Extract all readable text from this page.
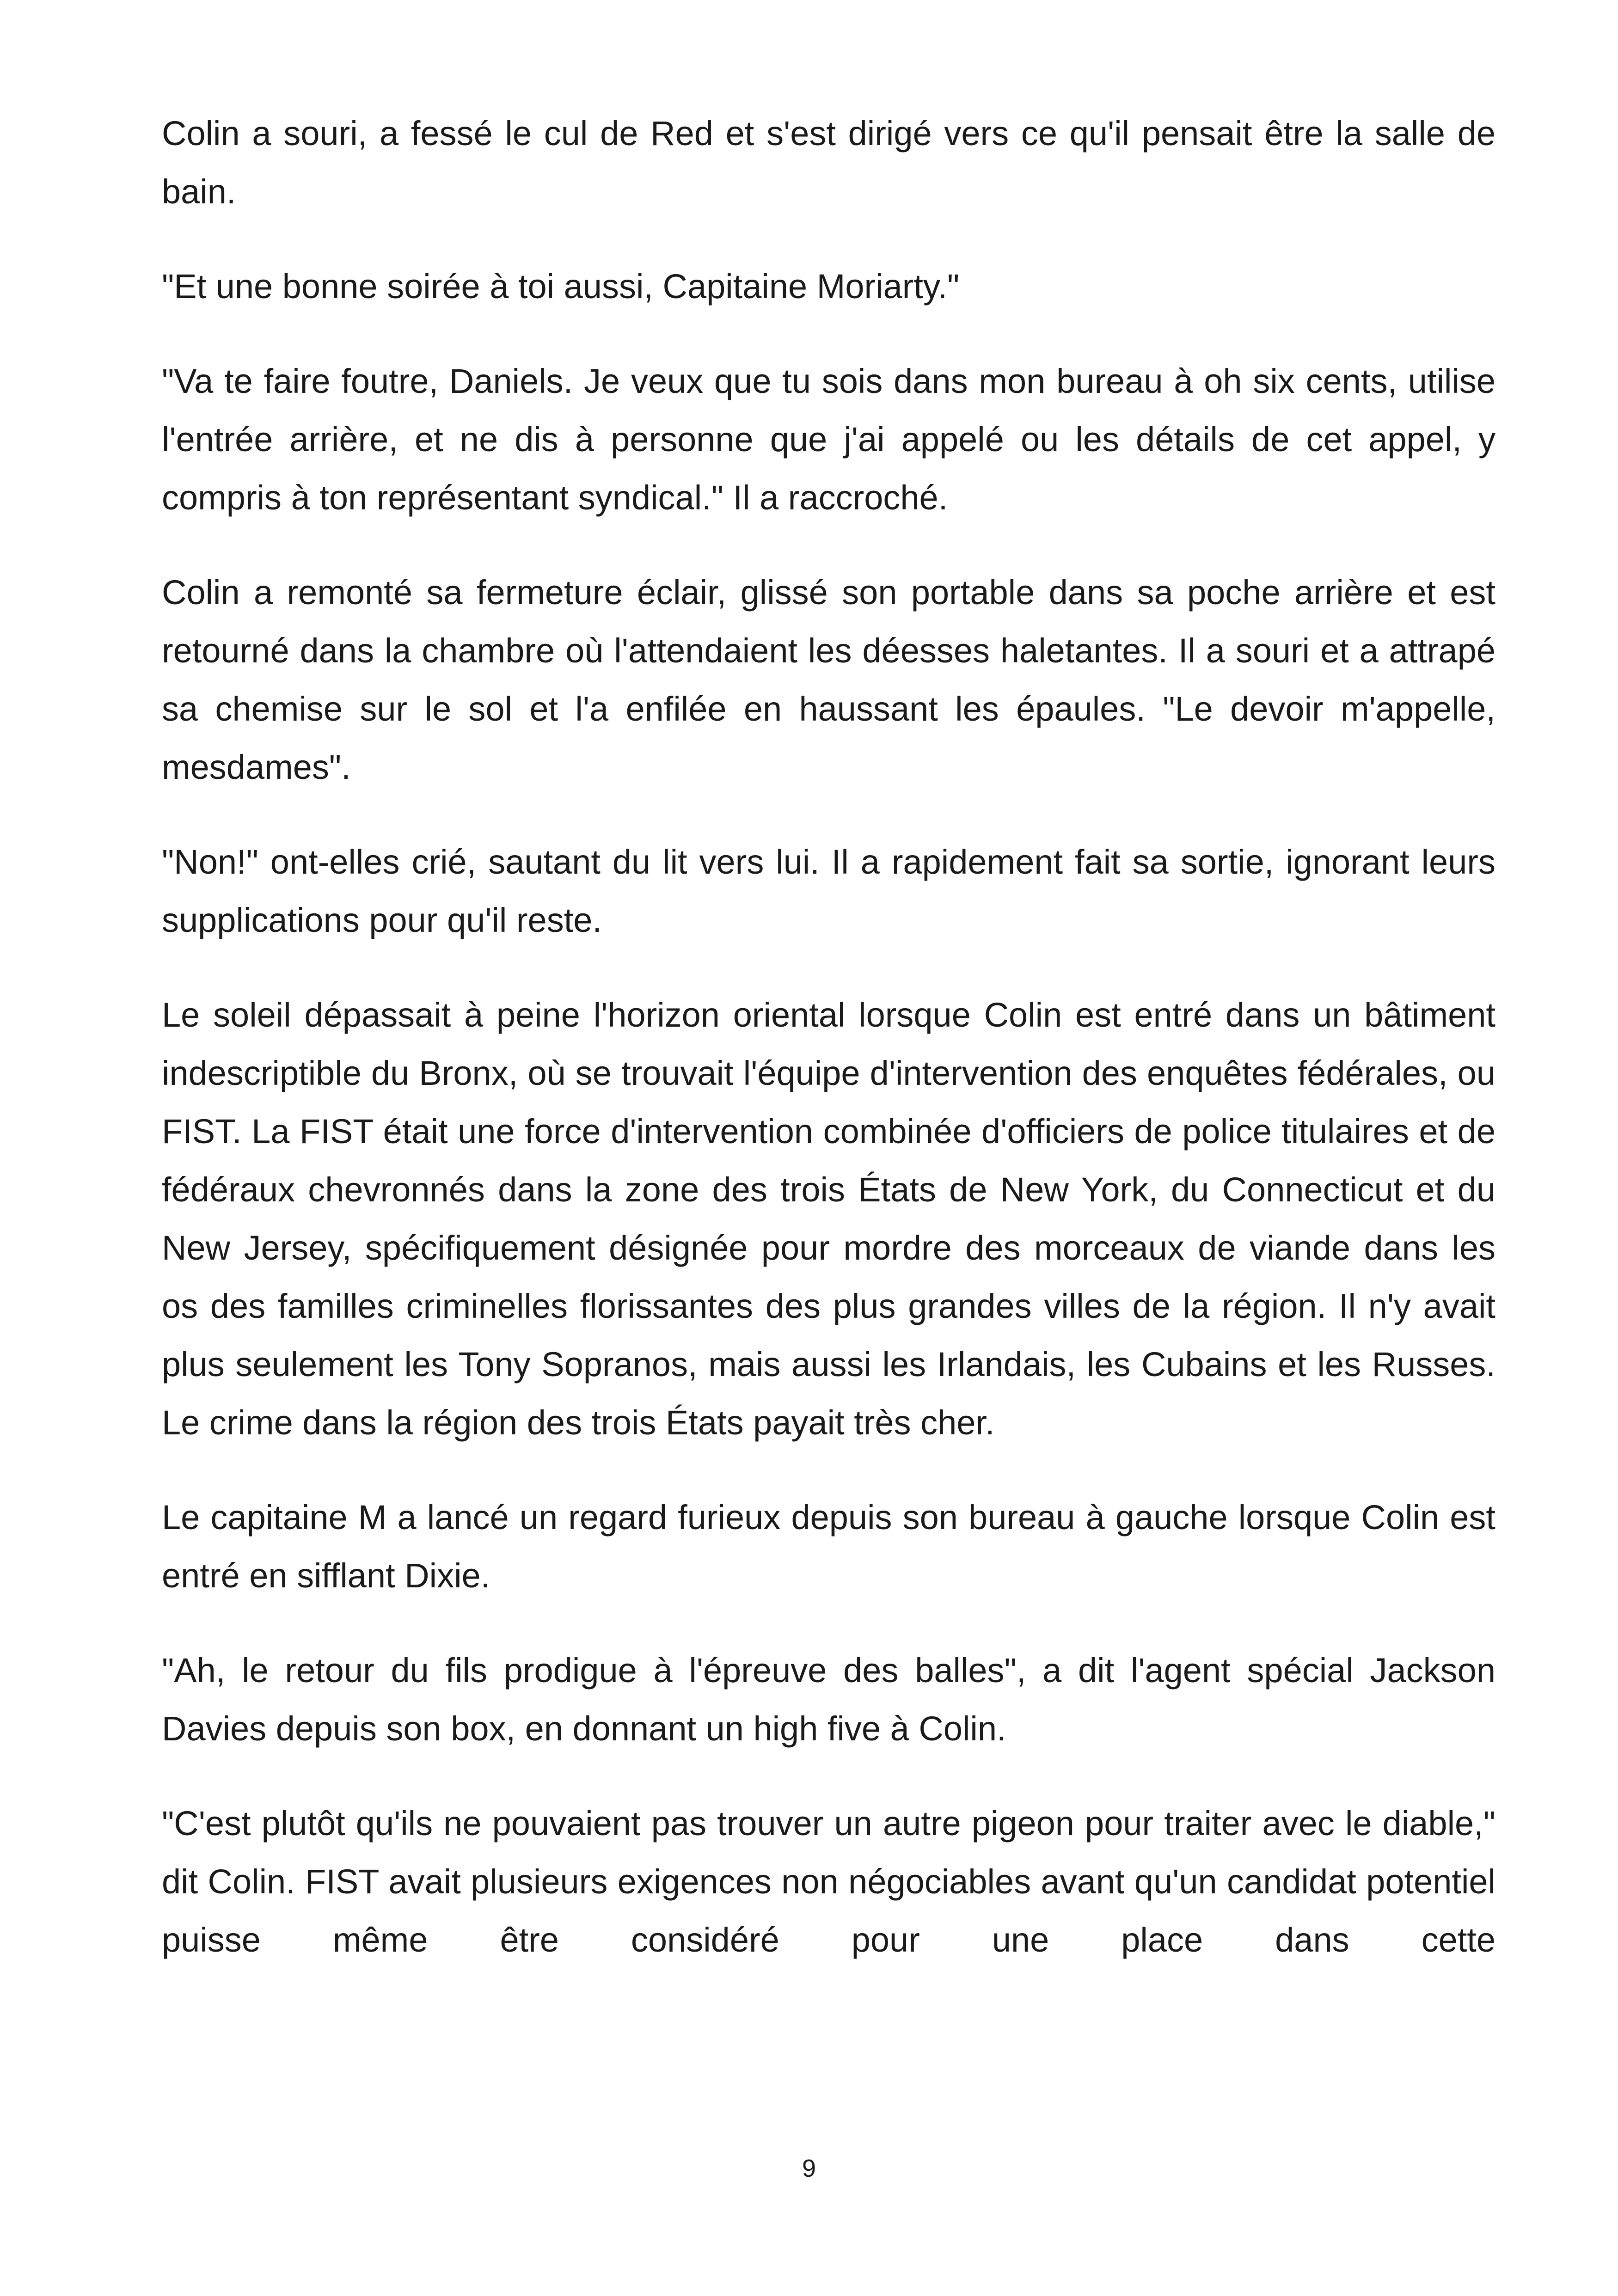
Colin a souri, a fessé le cul de Red et s'est dirigé vers ce qu'il pensait être la salle de bain.

"Et une bonne soirée à toi aussi, Capitaine Moriarty."

"Va te faire foutre, Daniels. Je veux que tu sois dans mon bureau à oh six cents, utilise l'entrée arrière, et ne dis à personne que j'ai appelé ou les détails de cet appel, y compris à ton représentant syndical." Il a raccroché.

Colin a remonté sa fermeture éclair, glissé son portable dans sa poche arrière et est retourné dans la chambre où l'attendaient les déesses haletantes. Il a souri et a attrapé sa chemise sur le sol et l'a enfilée en haussant les épaules. "Le devoir m'appelle, mesdames".

"Non!" ont-elles crié, sautant du lit vers lui. Il a rapidement fait sa sortie, ignorant leurs supplications pour qu'il reste.

Le soleil dépassait à peine l'horizon oriental lorsque Colin est entré dans un bâtiment indescriptible du Bronx, où se trouvait l'équipe d'intervention des enquêtes fédérales, ou FIST. La FIST était une force d'intervention combinée d'officiers de police titulaires et de fédéraux chevronnés dans la zone des trois États de New York, du Connecticut et du New Jersey, spécifiquement désignée pour mordre des morceaux de viande dans les os des familles criminelles florissantes des plus grandes villes de la région. Il n'y avait plus seulement les Tony Sopranos, mais aussi les Irlandais, les Cubains et les Russes. Le crime dans la région des trois États payait très cher.

Le capitaine M a lancé un regard furieux depuis son bureau à gauche lorsque Colin est entré en sifflant Dixie.

"Ah, le retour du fils prodigue à l'épreuve des balles", a dit l'agent spécial Jackson Davies depuis son box, en donnant un high five à Colin.

"C'est plutôt qu'ils ne pouvaient pas trouver un autre pigeon pour traiter avec le diable," dit Colin. FIST avait plusieurs exigences non négociables avant qu'un candidat potentiel puisse même être considéré pour une place dans cette

9
